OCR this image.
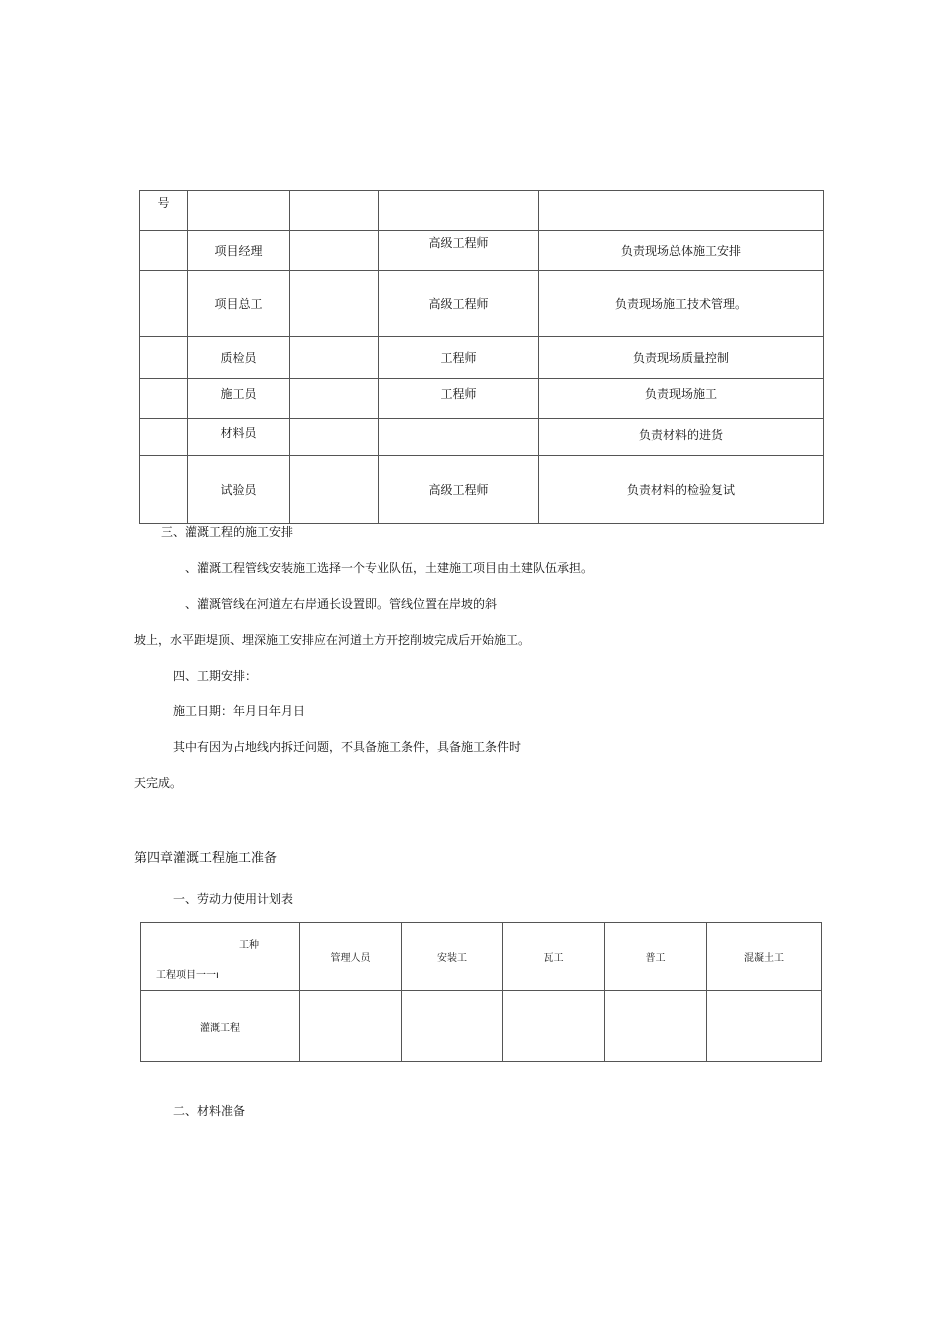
号				
	项目经理		高级工程师	负责现场总体施工安排
	项目总工		高级工程师	负责现场施工技术管理。
	质检员		工程师	负责现场质量控制
	施工员		工程师	负责现场施工
	材料员			负责材料的进货
	试验员		高级工程师	负责材料的检验复试
三、灌溉工程的施工安排
、灌溉工程管线安装施工选择一个专业队伍，土建施工项目由土建队伍承担。
、灌溉管线在河道左右岸通长设置即。管线位置在岸坡的斜
坡上，水平距堤顶、埋深施工安排应在河道土方开挖削坡完成后开始施工。
四、工期安排：
施工日期：年月日年月日
其中有因为占地线内拆迁问题，不具备施工条件，具备施工条件时
天完成。
第四章灌溉工程施工准备
一、劳动力使用计划表
工种
工程项目一一ı	管理人员	安装工	瓦工	普工	混凝土工
灌溉工程					
二、材料准备
